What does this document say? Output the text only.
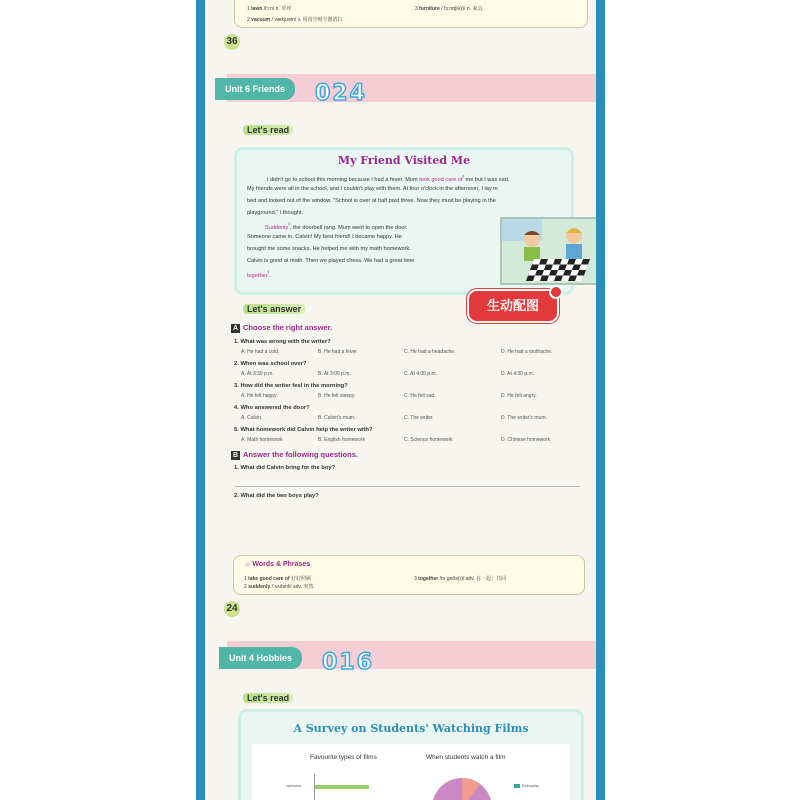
1 lawn /lɔːn/ n. 草坪
2 vacuum /ˈvækjuəm/ v. 用真空吸尘器清扫
3 furniture /ˈfɜːnɪtʃə(r)/ n. 家具
36
Unit 6 Friends	024
Let's read
My Friend Visited Me
I didn't go to school this morning because I had a fever. Mum took good care $of^{^1}$ me but I was sad.
My friends were all in the school, and I couldn't play with them. At four o'clock in the afternoon, I lay in
bed and looked out of the window. "School is over at half past three. Now they must be playing in the
playground." I thought.
Suddenly$^{^2}$, the doorbell rang. Mum went to open the door.
Someone came in. Calvin! My best friend! I became happy. He
brought me some snacks. He helped me with my math homework.
Calvin is good at math. Then we played chess. We had a great time
together$^{^3}$.
生动配图
Let's answer
A Choose the right answer.
1. What was wrong with the writer?
A. He had a cold.	B. He had a fever.	C. He had a headache.	D. He had a toothache.
2. When was school over?
A. At 3:30 p.m.	B. At 3:00 p.m.	C. At 4:00 p.m.	D. At 4:30 p.m.
3. How did the writer feel in the morning?
A. He felt happy.	B. He felt sleepy.	C. He felt sad.	D. He felt angry.
4. Who answered the door?
A. Calvin.	B. Calvin's mum.	C. The writer.	D. The writer's mum.
5. What homework did Calvin help the writer with?
A. Math homework	B. English homework	C. Science homework	D. Chinese homework
B Answer the following questions.
1. What did Calvin bring for the boy?
2. What did the two boys play?
☼ Words & Phrases
1 take good care of 好好照顾
2 suddenly /ˈsʌdənli/ adv. 突然
3 together /təˈɡeðə(r)/ adv. 在一起；共同
24
Unit 4 Hobbies	016
Let's read
A Survey on Students' Watching Films
Favourite types of films	When students watch a film
cartoons
15%
Everyday
